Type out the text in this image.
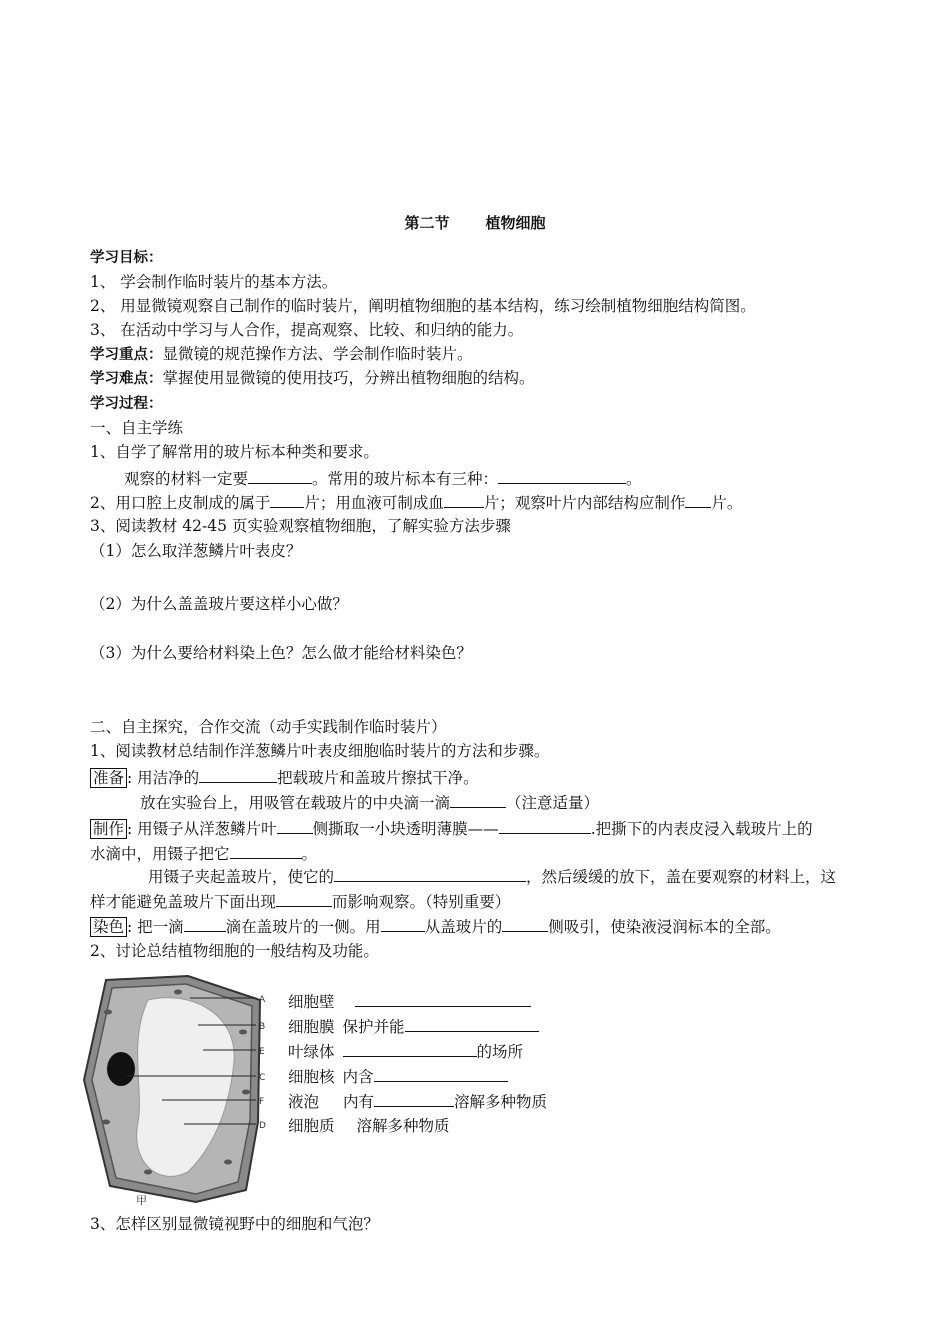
第二节 植物细胞
学习目标：
1、 学会制作临时装片的基本方法。
2、 用显微镜观察自己制作的临时装片，阐明植物细胞的基本结构，练习绘制植物细胞结构简图。
3、 在活动中学习与人合作，提高观察、比较、和归纳的能力。
学习重点：显微镜的规范操作方法、学会制作临时装片。
学习难点：掌握使用显微镜的使用技巧，分辨出植物细胞的结构。
学习过程：
一、自主学练
1、自学了解常用的玻片标本种类和要求。
观察的材料一定要	。常用的玻片标本有三种：	。
2、用口腔上皮制成的属于 片；用血液可制成血	片；观察叶片内部结构应制作 片。
3、阅读教材 42-45 页实验观察植物细胞，了解实验方法步骤
（1）怎么取洋葱鳞片叶表皮？
（2）为什么盖盖玻片要这样小心做？
（3）为什么要给材料染上色？怎么做才能给材料染色？
二、自主探究，合作交流（动手实践制作临时装片）
1、阅读教材总结制作洋葱鳞片叶表皮细胞临时装片的方法和步骤。
准备 : 用洁净的	把载玻片和盖玻片擦拭干净。
放在实验台上，用吸管在载玻片的中央滴一滴	（注意适量）
制作 : 用镊子从洋葱鳞片叶 侧撕取一小块透明薄膜——	.把撕下的内表皮浸入载玻片上的
水滴中，用镊子把它	。
用镊子夹起盖玻片，使它的	，然后缓缓的放下，盖在要观察的材料上，这
样才能避免盖玻片下面出现	而影响观察。（特别重要）
染色 : 把一滴	滴在盖玻片的一侧。用	从盖玻片的	侧吸引，使染液浸润标本的全部。
2、讨论总结植物细胞的一般结构及功能。
A
B
E
C
F
D
甲
细胞壁
细胞膜 保护并能
叶绿体	的场所
细胞核 内含
液泡 内有	溶解多种物质
细胞质 溶解多种物质
3、怎样区别显微镜视野中的细胞和气泡？
